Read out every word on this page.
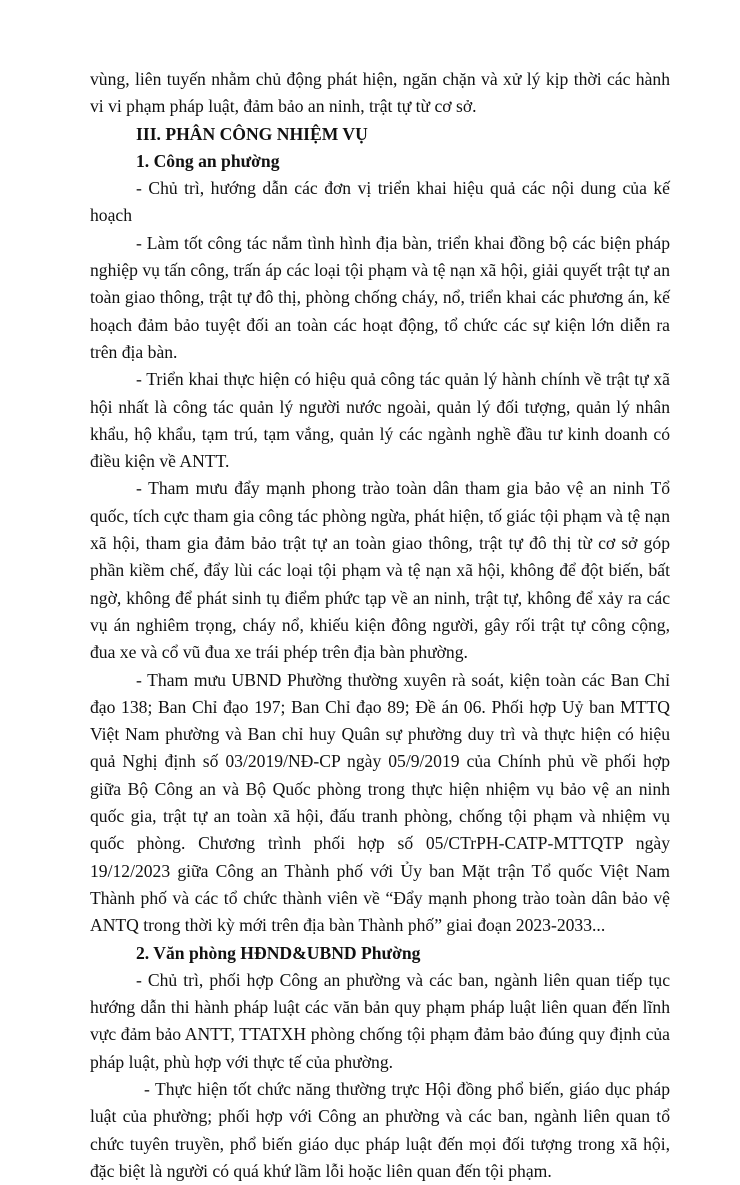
vùng, liên tuyến nhằm chủ động phát hiện, ngăn chặn và xử lý kịp thời các hành vi vi phạm pháp luật, đảm bảo an ninh, trật tự từ cơ sở.

III. PHÂN CÔNG NHIỆM VỤ

1. Công an phường

- Chủ trì, hướng dẫn các đơn vị triển khai hiệu quả các nội dung của kế hoạch

- Làm tốt công tác nắm tình hình địa bàn, triển khai đồng bộ các biện pháp nghiệp vụ tấn công, trấn áp các loại tội phạm và tệ nạn xã hội, giải quyết trật tự an toàn giao thông, trật tự đô thị, phòng chống cháy, nổ, triển khai các phương án, kế hoạch đảm bảo tuyệt đối an toàn các hoạt động, tổ chức các sự kiện lớn diễn ra trên địa bàn.

- Triển khai thực hiện có hiệu quả công tác quản lý hành chính về trật tự xã hội nhất là công tác quản lý người nước ngoài, quản lý đối tượng, quản lý nhân khẩu, hộ khẩu, tạm trú, tạm vắng, quản lý các ngành nghề đầu tư kinh doanh có điều kiện về ANTT.

- Tham mưu đẩy mạnh phong trào toàn dân tham gia bảo vệ an ninh Tổ quốc, tích cực tham gia công tác phòng ngừa, phát hiện, tố giác tội phạm và tệ nạn xã hội, tham gia đảm bảo trật tự an toàn giao thông, trật tự đô thị từ cơ sở góp phần kiềm chế, đẩy lùi các loại tội phạm và tệ nạn xã hội, không để đột biến, bất ngờ, không để phát sinh tụ điểm phức tạp về an ninh, trật tự, không để xảy ra các vụ án nghiêm trọng, cháy nổ, khiếu kiện đông người, gây rối trật tự công cộng, đua xe và cổ vũ đua xe trái phép trên địa bàn phường.

- Tham mưu UBND Phường thường xuyên rà soát, kiện toàn các Ban Chỉ đạo 138; Ban Chỉ đạo 197; Ban Chỉ đạo 89; Đề án 06. Phối hợp Uỷ ban MTTQ Việt Nam phường và Ban chỉ huy Quân sự phường duy trì và thực hiện có hiệu quả Nghị định số 03/2019/NĐ-CP ngày 05/9/2019 của Chính phủ về phối hợp giữa Bộ Công an và Bộ Quốc phòng trong thực hiện nhiệm vụ bảo vệ an ninh quốc gia, trật tự an toàn xã hội, đấu tranh phòng, chống tội phạm và nhiệm vụ quốc phòng. Chương trình phối hợp số 05/CTrPH-CATP-MTTQTP ngày 19/12/2023 giữa Công an Thành phố với Ủy ban Mặt trận Tổ quốc Việt Nam Thành phố và các tổ chức thành viên về “Đẩy mạnh phong trào toàn dân bảo vệ ANTQ trong thời kỳ mới trên địa bàn Thành phố” giai đoạn 2023-2033...

2. Văn phòng HĐND&UBND Phường

- Chủ trì, phối hợp Công an phường và các ban, ngành liên quan tiếp tục hướng dẫn thi hành pháp luật các văn bản quy phạm pháp luật liên quan đến lĩnh vực đảm bảo ANTT, TTATXH phòng chống tội phạm đảm bảo đúng quy định của pháp luật, phù hợp với thực tế của phường.

- Thực hiện tốt chức năng thường trực Hội đồng phổ biến, giáo dục pháp luật của phường; phối hợp với Công an phường và các ban, ngành liên quan tổ chức tuyên truyền, phổ biến giáo dục pháp luật đến mọi đối tượng trong xã hội, đặc biệt là người có quá khứ lầm lỗi hoặc liên quan đến tội phạm.
